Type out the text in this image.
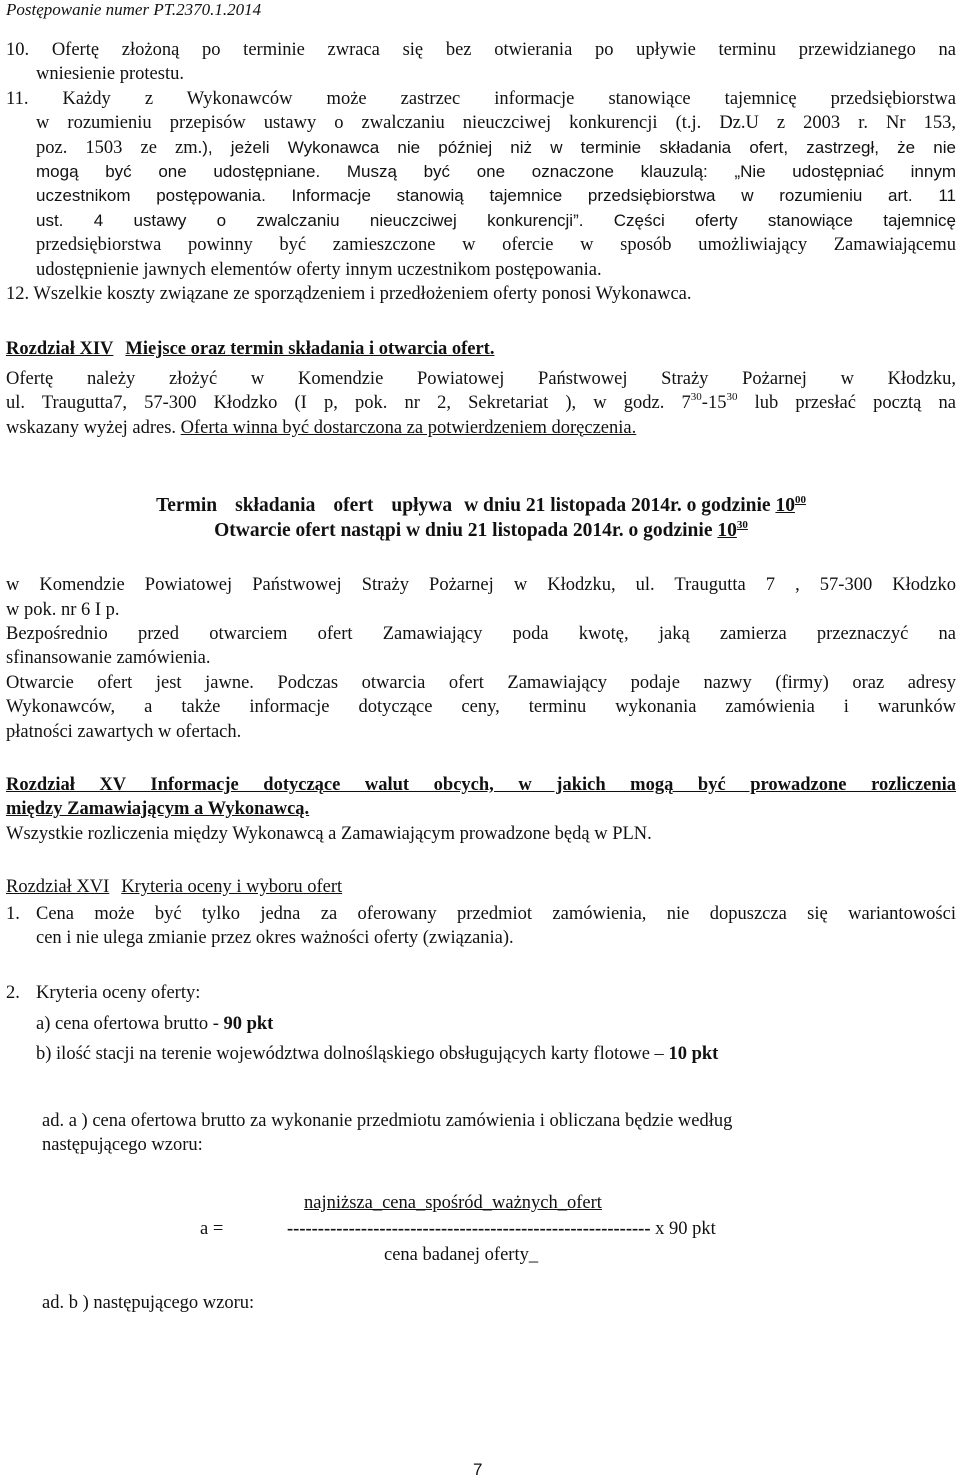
Postępowanie numer PT.2370.1.2014

10. Ofertę złożoną po terminie zwraca się bez otwierania po upływie terminu przewidzianego na

wniesienie protestu.

11. Każdy z Wykonawców może zastrzec informacje stanowiące tajemnicę przedsiębiorstwa

w rozumieniu przepisów ustawy o zwalczaniu nieuczciwej konkurencji (t.j. Dz.U z 2003 r. Nr 153,

poz. 1503 ze zm.), jeżeli Wykonawca nie później niż w terminie składania ofert, zastrzegł, że nie

mogą być one udostępniane. Muszą być one oznaczone klauzulą: „Nie udostępniać innym

uczestnikom postępowania. Informacje stanowią tajemnice przedsiębiorstwa w rozumieniu art. 11

ust. 4 ustawy o zwalczaniu nieuczciwej konkurencji”. Części oferty stanowiące tajemnicę

przedsiębiorstwa powinny być zamieszczone w ofercie w sposób umożliwiający Zamawiającemu

udostępnienie jawnych elementów oferty innym uczestnikom postępowania.

12. Wszelkie koszty związane ze sporządzeniem i przedłożeniem oferty ponosi Wykonawca.

Rozdział XIV Miejsce oraz termin składania i otwarcia ofert.

Ofertę należy złożyć w Komendzie Powiatowej Państwowej Straży Pożarnej w Kłodzku,

ul. Traugutta7, 57-300 Kłodzko (I p, pok. nr 2, Sekretariat ), w godz. $7^{30}-15^{30}$ lub przesłać pocztą na

wskazany wyżej adres. Oferta winna być dostarczona za potwierdzeniem doręczenia.

Termin składania ofert upływa w dniu 21 listopada 2014r. o godzinie $10^{00}$
Otwarcie ofert nastąpi w dniu 21 listopada 2014r. o godzinie $10^{30}$

w Komendzie Powiatowej Państwowej Straży Pożarnej w Kłodzku, ul. Traugutta 7 , 57-300 Kłodzko

w pok. nr 6 I p.

Bezpośrednio przed otwarciem ofert Zamawiający poda kwotę, jaką zamierza przeznaczyć na

sfinansowanie zamówienia.

Otwarcie ofert jest jawne. Podczas otwarcia ofert Zamawiający podaje nazwy (firmy) oraz adresy

Wykonawców, a także informacje dotyczące ceny, terminu wykonania zamówienia i warunków

płatności zawartych w ofertach.

Rozdział XV Informacje dotyczące walut obcych, w jakich mogą być prowadzone rozliczenia

między Zamawiającym a Wykonawcą.

Wszystkie rozliczenia między Wykonawcą a Zamawiającym prowadzone będą w PLN.

Rozdział XVI Kryteria oceny i wyboru ofert

1. Cena może być tylko jedna za oferowany przedmiot zamówienia, nie dopuszcza się wariantowości

cen i nie ulega zmianie przez okres ważności oferty (związania).

2. Kryteria oceny oferty:

a) cena ofertowa brutto - 90 pkt

b) ilość stacji na terenie województwa dolnośląskiego obsługujących karty flotowe – 10 pkt

ad. a ) cena ofertowa brutto za wykonanie przedmiotu zamówienia i obliczana będzie według

następującego wzoru:

najniższa_cena_spośród_ważnych_ofert
a =	----------------------------------------------------------- x 90 pkt
cena badanej oferty_

ad. b ) następującego wzoru:

7
